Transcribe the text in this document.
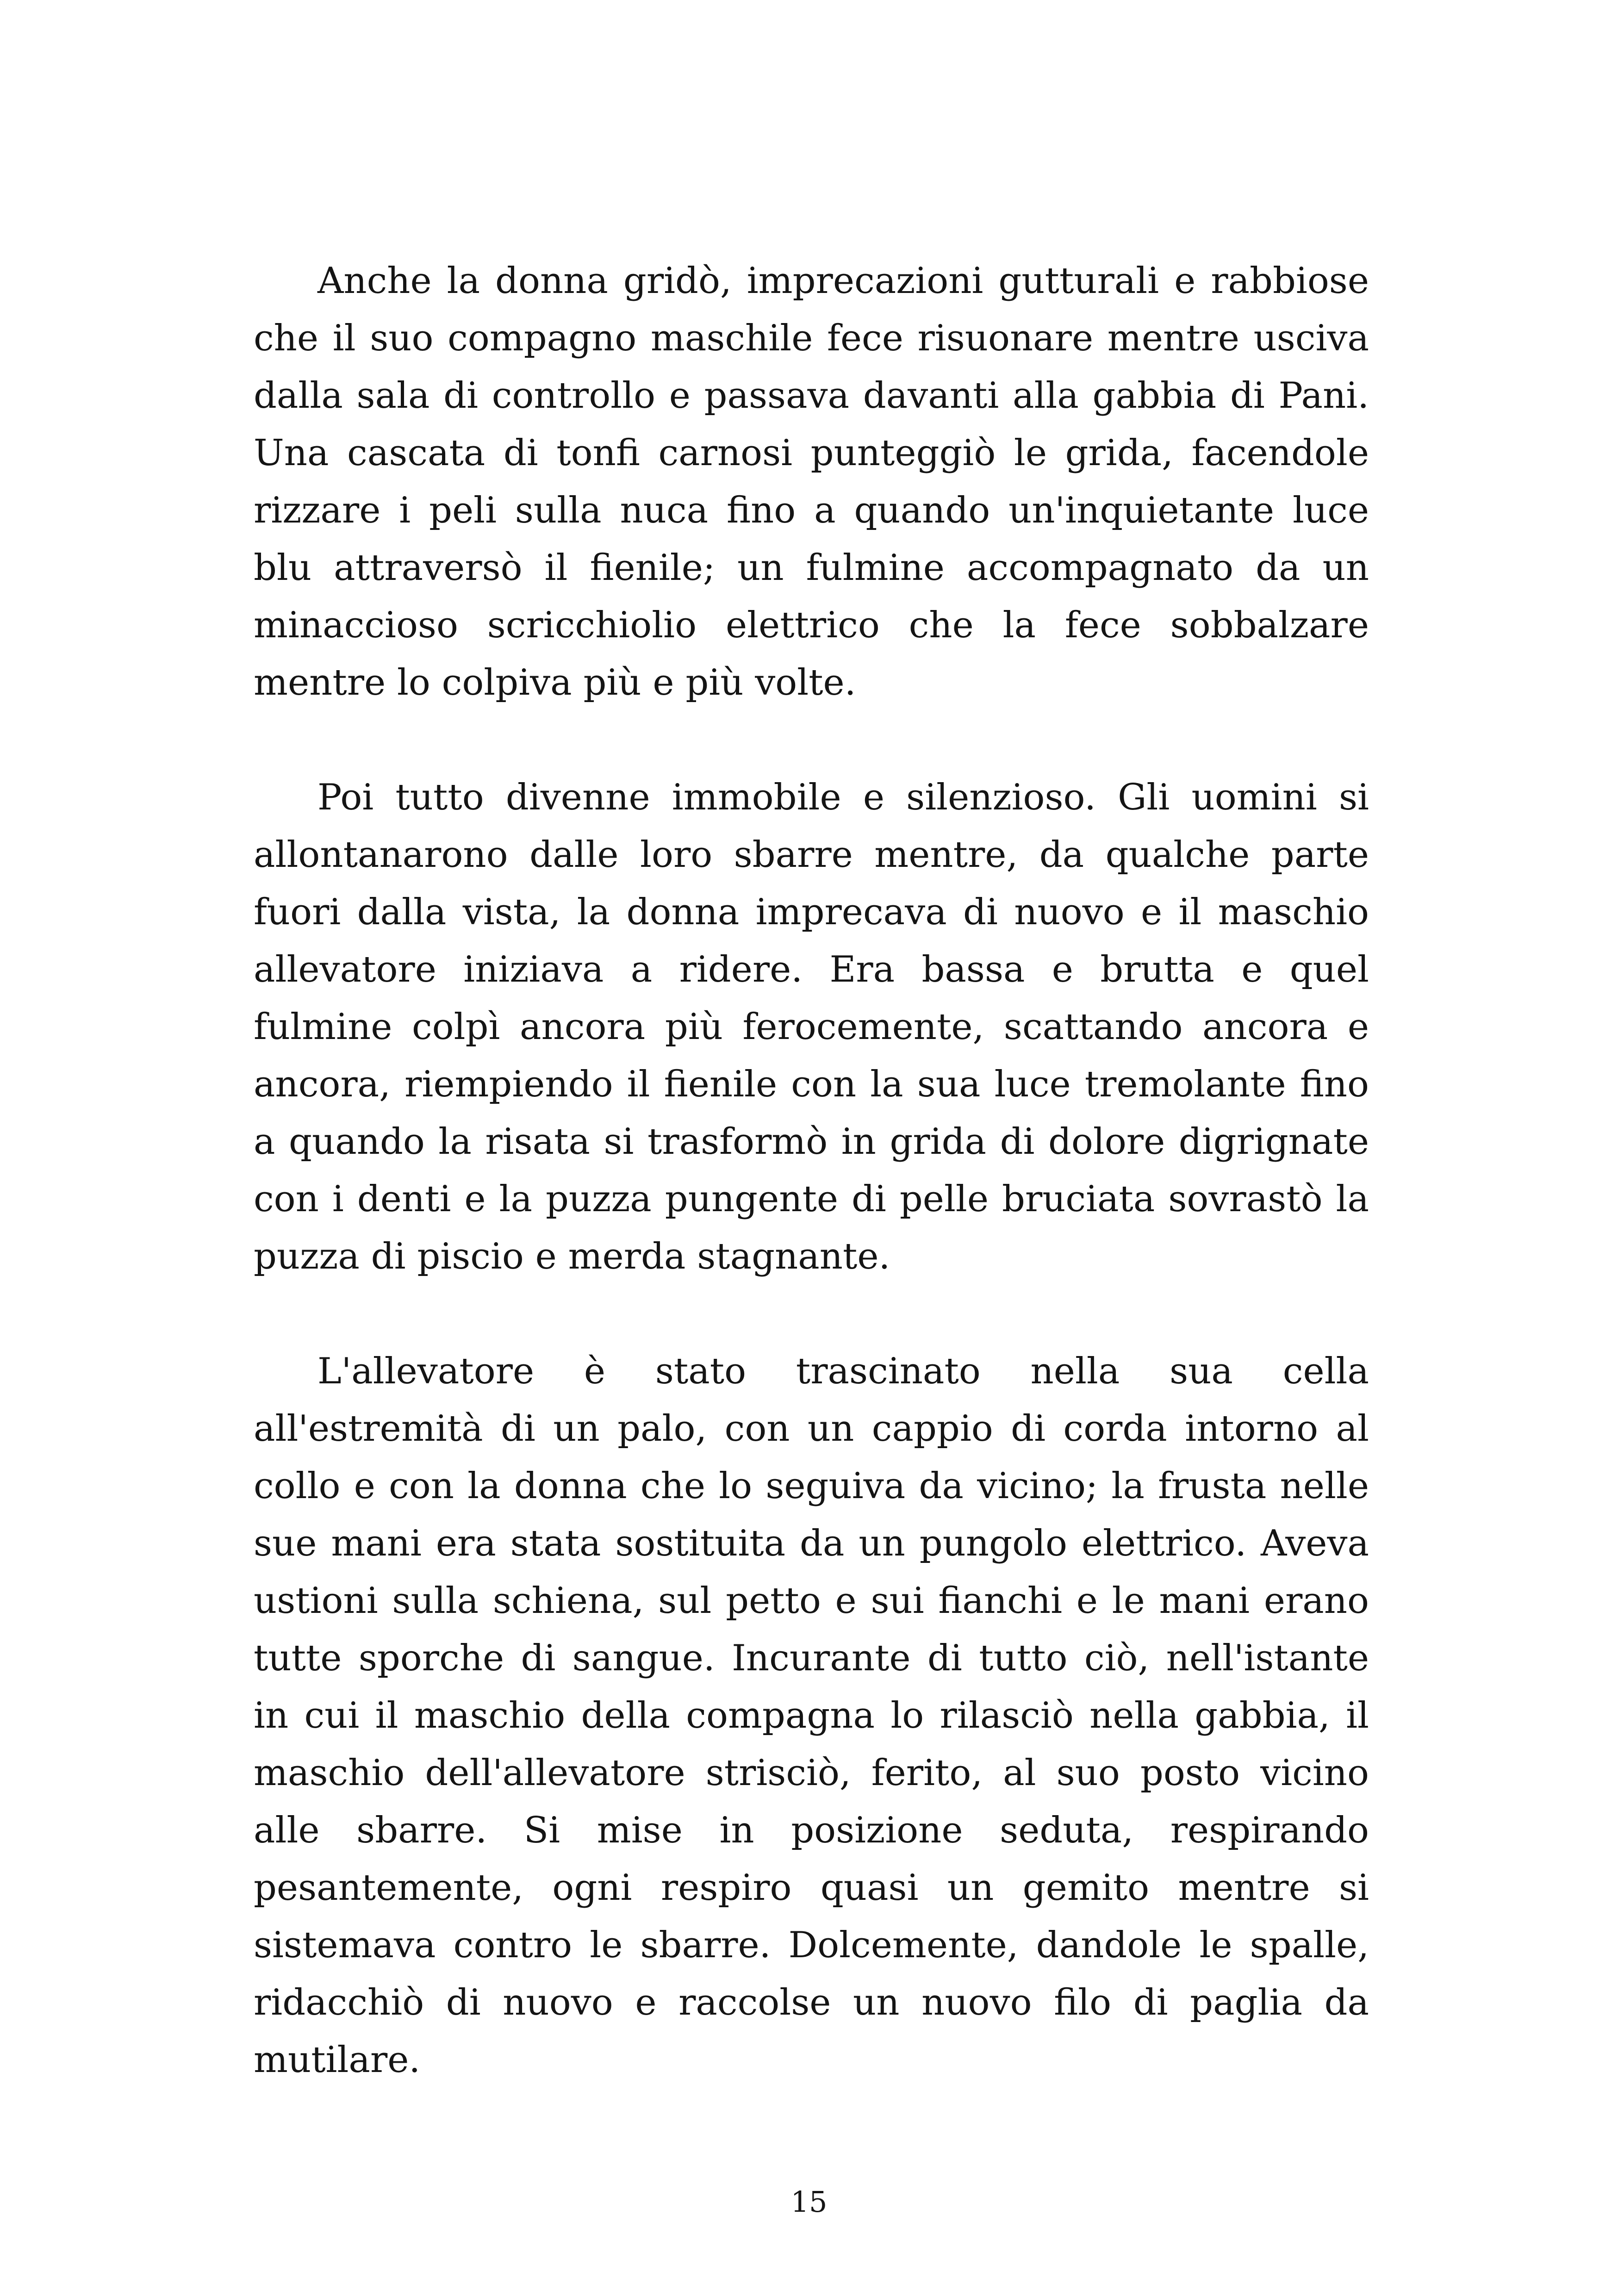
Anche la donna gridò, imprecazioni gutturali e rabbiose che il suo compagno maschile fece risuonare mentre usciva dalla sala di controllo e passava davanti alla gabbia di Pani. Una cascata di tonfi carnosi punteggiò le grida, facendole rizzare i peli sulla nuca fino a quando un'inquietante luce blu attraversò il fienile; un fulmine accompagnato da un minaccioso scricchiolio elettrico che la fece sobbalzare mentre lo colpiva più e più volte.

Poi tutto divenne immobile e silenzioso. Gli uomini si allontanarono dalle loro sbarre mentre, da qualche parte fuori dalla vista, la donna imprecava di nuovo e il maschio allevatore iniziava a ridere. Era bassa e brutta e quel fulmine colpì ancora più ferocemente, scattando ancora e ancora, riempiendo il fienile con la sua luce tremolante fino a quando la risata si trasformò in grida di dolore digrignate con i denti e la puzza pungente di pelle bruciata sovrastò la puzza di piscio e merda stagnante.

L'allevatore è stato trascinato nella sua cella all'estremità di un palo, con un cappio di corda intorno al collo e con la donna che lo seguiva da vicino; la frusta nelle sue mani era stata sostituita da un pungolo elettrico. Aveva ustioni sulla schiena, sul petto e sui fianchi e le mani erano tutte sporche di sangue. Incurante di tutto ciò, nell'istante in cui il maschio della compagna lo rilasciò nella gabbia, il maschio dell'allevatore strisciò, ferito, al suo posto vicino alle sbarre. Si mise in posizione seduta, respirando pesantemente, ogni respiro quasi un gemito mentre si sistemava contro le sbarre. Dolcemente, dandole le spalle, ridacchiò di nuovo e raccolse un nuovo filo di paglia da mutilare.

15
